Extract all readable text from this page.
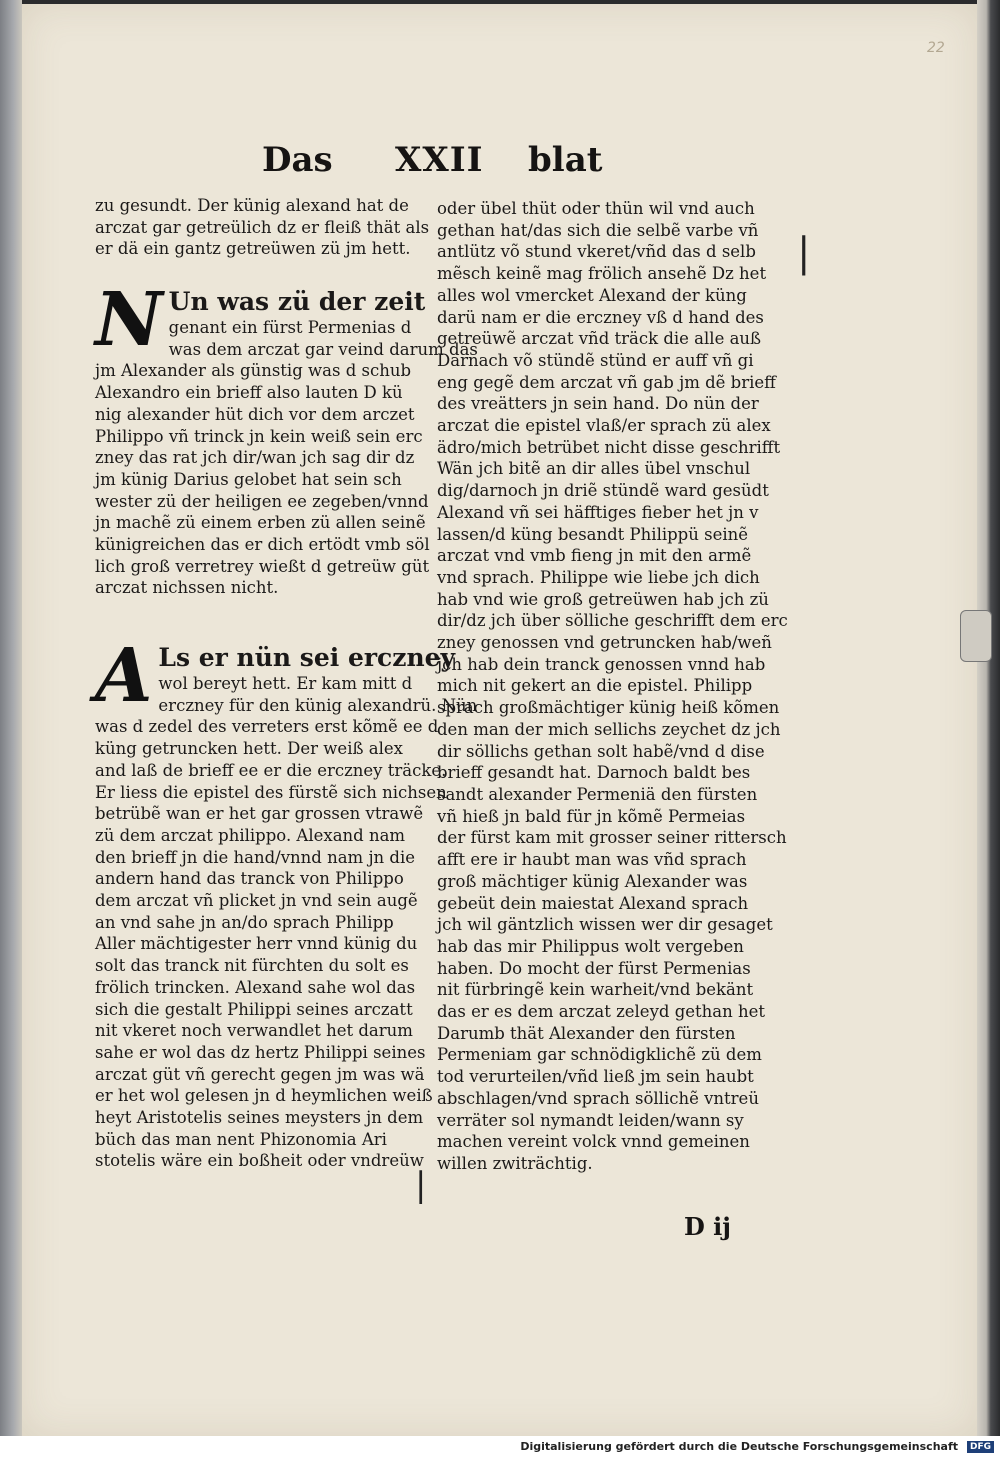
22
Das XXII blat
zu gesundt. Der künig alexand hat de
arczat gar getreülich dz er fleiß thät als
er dä ein gantz getreüwen zü jm hett.
N Un was zü der zeit
genant ein fürst Permenias d
was dem arczat gar veind darum das
jm Alexander als günstig was d schub
Alexandro ein brieff also lauten D kü
nig alexander hüt dich vor dem arczet
Philippo vñ trinck jn kein weiß sein erc
zney das rat jch dir/wan jch sag dir dz
jm künig Darius gelobet hat sein sch
wester zü der heiligen ee zegeben/vnnd
jn machẽ zü einem erben zü allen seinẽ
künigreichen das er dich ertödt vmb söl
lich groß verretrey wießt d getreüw güt
arczat nichssen nicht.
A Ls er nün sei erczney
wol bereyt hett. Er kam mitt d
erczney für den künig alexandrü. Nün
was d zedel des verreters erst kõmẽ ee d
küng getruncken hett. Der weiß alex
and laß de brieff ee er die erczney träcke.
Er liess die epistel des fürstẽ sich nichsen
betrübẽ wan er het gar grossen vtrawẽ
zü dem arczat philippo. Alexand nam
den brieff jn die hand/vnnd nam jn die
andern hand das tranck von Philippo
dem arczat vñ plicket jn vnd sein augẽ
an vnd sahe jn an/do sprach Philipp
Aller mächtigester herr vnnd künig du
solt das tranck nit fürchten du solt es
frölich trincken. Alexand sahe wol das
sich die gestalt Philippi seines arczatt
nit vkeret noch verwandlet het darum
sahe er wol das dz hertz Philippi seines
arczat güt vñ gerecht gegen jm was wä
er het wol gelesen jn d heymlichen weiß
heyt Aristotelis seines meysters jn dem
büch das man nent Phizonomia Ari
stotelis wäre ein boßheit oder vndreüw
oder übel thüt oder thün wil vnd auch
gethan hat/das sich die selbẽ varbe vñ
antlütz võ stund vkeret/vñd das d selb
mẽsch keinẽ mag frölich ansehẽ Dz het
alles wol vmercket Alexand der küng
darü nam er die erczney vß d hand des
getreüwẽ arczat vñd träck die alle auß
Darnach võ stündẽ stünd er auff vñ gi
eng gegẽ dem arczat vñ gab jm dẽ brieff
des vreätters jn sein hand. Do nün der
arczat die epistel vlaß/er sprach zü alex
ädro/mich betrübet nicht disse geschrifft
Wän jch bitẽ an dir alles übel vnschul
dig/darnoch jn driẽ stündẽ ward gesüdt
Alexand vñ sei häfftiges fieber het jn v
lassen/d küng besandt Philippü seinẽ
arczat vnd vmb fieng jn mit den armẽ
vnd sprach. Philippe wie liebe jch dich
hab vnd wie groß getreüwen hab jch zü
dir/dz jch über sölliche geschrifft dem erc
zney genossen vnd getruncken hab/weñ
jch hab dein tranck genossen vnnd hab
mich nit gekert an die epistel. Philipp
sprach großmächtiger künig heiß kõmen
den man der mich sellichs zeychet dz jch
dir söllichs gethan solt habẽ/vnd d dise
brieff gesandt hat. Darnoch baldt bes
sandt alexander Permeniä den fürsten
vñ hieß jn bald für jn kõmẽ Permeias
der fürst kam mit grosser seiner rittersch
afft ere ir haubt man was vñd sprach
groß mächtiger künig Alexander was
gebeüt dein maiestat Alexand sprach
jch wil gäntzlich wissen wer dir gesaget
hab das mir Philippus wolt vergeben
haben. Do mocht der fürst Permenias
nit fürbringẽ kein warheit/vnd bekänt
das er es dem arczat zeleyd gethan het
Darumb thät Alexander den fürsten
Permeniam gar schnödigklichẽ zü dem
tod verurteilen/vñd ließ jm sein haubt
abschlagen/vnd sprach söllichẽ vntreü
verräter sol nymandt leiden/wann sy
machen vereint volck vnnd gemeinen
willen zwiträchtig.
|
|
D ij
Digitalisierung gefördert durch die Deutsche Forschungsgemeinschaft	DFG
